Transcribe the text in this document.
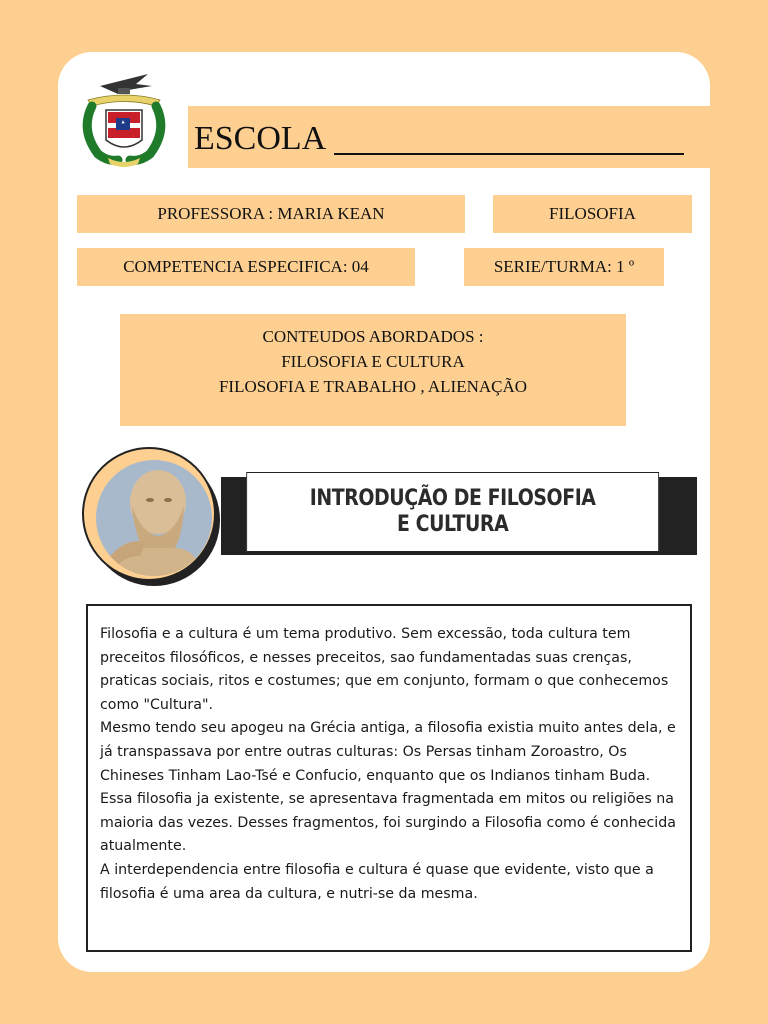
ESCOLA
PROFESSORA : MARIA KEAN	FILOSOFIA
COMPETENCIA ESPECIFICA: 04	SERIE/TURMA: 1 º
CONTEUDOS ABORDADOS :
FILOSOFIA E CULTURA
FILOSOFIA E TRABALHO , ALIENAÇÃO
INTRODUÇÃO DE FILOSOFIA
E CULTURA

Filosofia e a cultura é um tema produtivo. Sem excessão, toda cultura tem preceitos filosóficos, e nesses preceitos, sao fundamentadas suas crenças, praticas sociais, ritos e costumes; que em conjunto, formam o que conhecemos como "Cultura".

Mesmo tendo seu apogeu na Grécia antiga, a filosofia existia muito antes dela, e já transpassava por entre outras culturas: Os Persas tinham Zoroastro, Os Chineses Tinham Lao-Tsé e Confucio, enquanto que os Indianos tinham Buda. Essa filosofia ja existente, se apresentava fragmentada em mitos ou religiões na maioria das vezes. Desses fragmentos, foi surgindo a Filosofia como é conhecida atualmente.

A interdependencia entre filosofia e cultura é quase que evidente, visto que a filosofia é uma area da cultura, e nutri-se da mesma.
